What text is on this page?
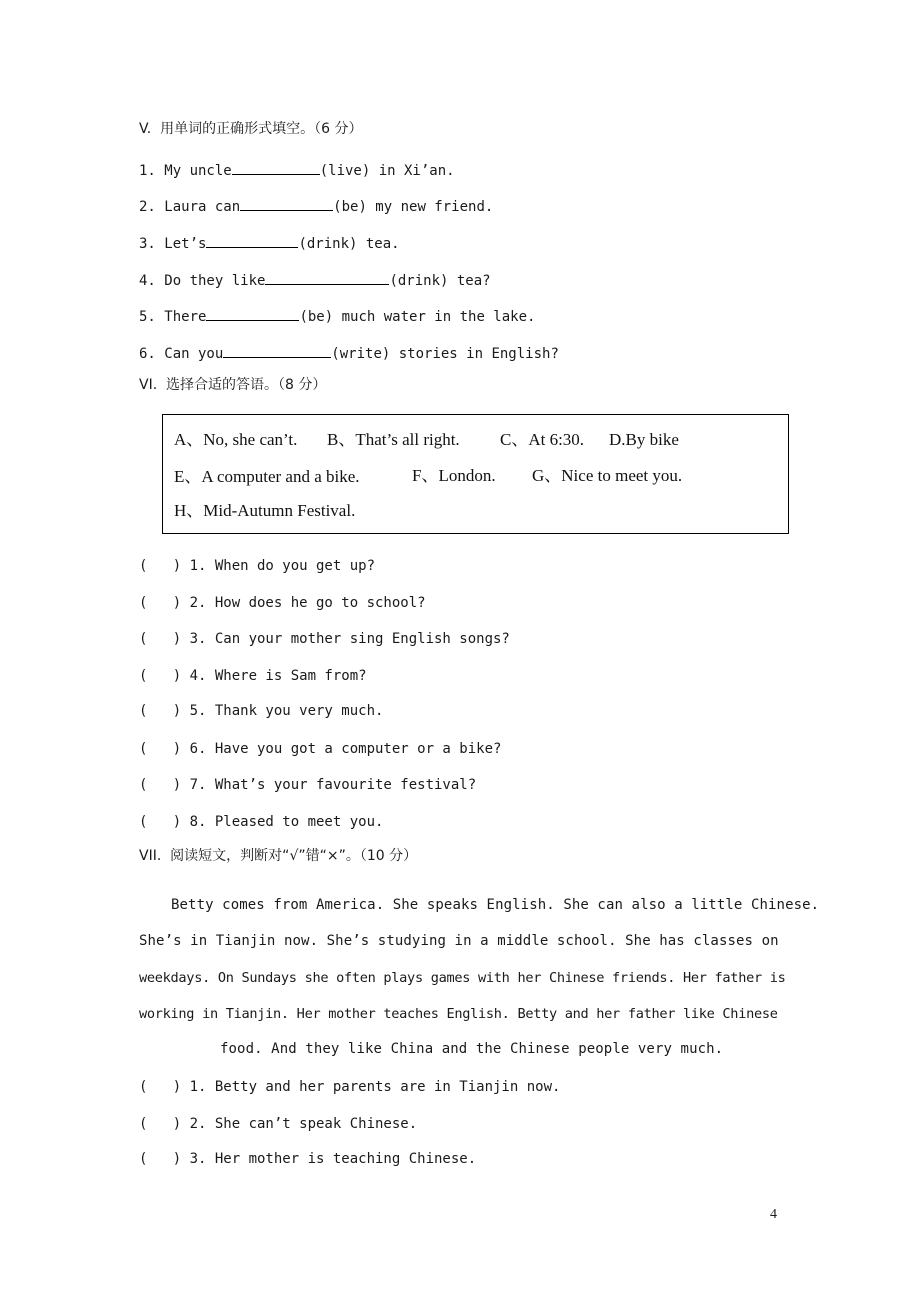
V.  用单词的正确形式填空。（6 分）
1. My uncle	(live) in Xi’an.
2. Laura can	(be) my new friend.
3. Let’s	(drink) tea.
4. Do they like	(drink) tea?
5. There	(be) much water in the lake.
6. Can you	(write) stories in English?
VI.  选择合适的答语。（8 分）
A、No, she can’t. B、That’s all right. C、At 6:30. D.By bike
E、A computer and a bike.	F、London. G、Nice to meet you.
H、Mid-Autumn Festival.
(   ) 1. When do you get up?
(   ) 2. How does he go to school?
(   ) 3. Can your mother sing English songs?
(   ) 4. Where is Sam from?
(   ) 5. Thank you very much.
(   ) 6. Have you got a computer or a bike?
(   ) 7. What’s your favourite festival?
(   ) 8. Pleased to meet you.
VII.  阅读短文，判断对“√”错“×”。（10 分）
Betty comes from America. She speaks English. She can also a little Chinese.
She’s in Tianjin now. She’s studying in a middle school. She has classes on
weekdays. On Sundays she often plays games with her Chinese friends. Her father is
working in Tianjin. Her mother teaches English. Betty and her father like Chinese
food. And they like China and the Chinese people very much.
(   ) 1. Betty and her parents are in Tianjin now.
(   ) 2. She can’t speak Chinese.
(   ) 3. Her mother is teaching Chinese.
4
